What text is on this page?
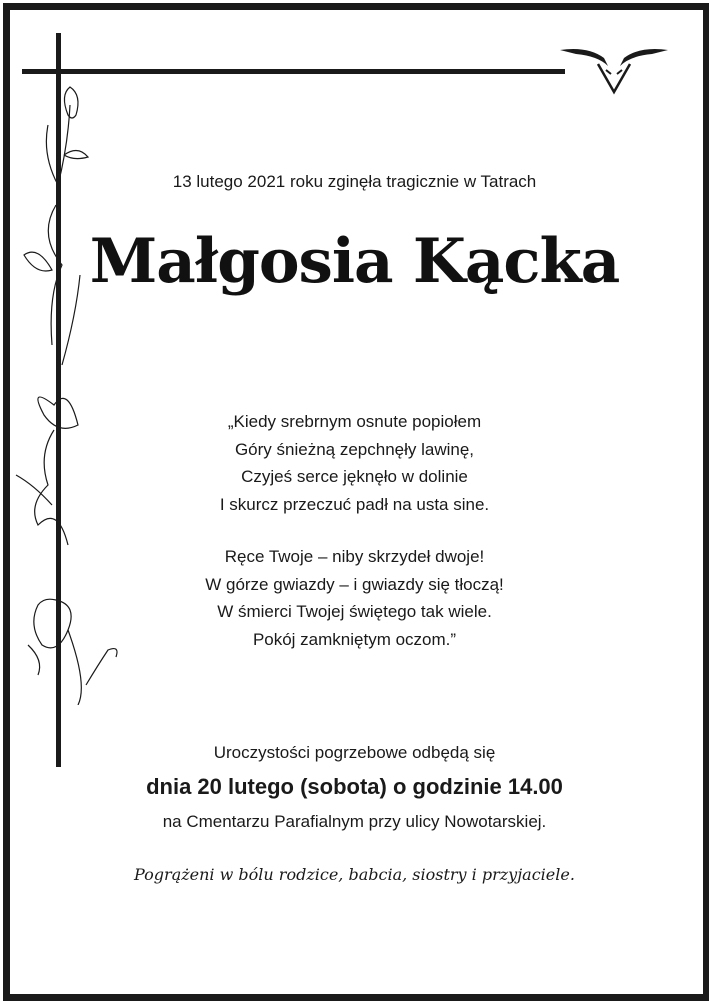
13 lutego 2021 roku zginęła tragicznie w Tatrach
Małgosia Kącka
„Kiedy srebrnym osnute popiołem
Góry śnieżną zepchnęły lawinę,
Czyjeś serce jęknęło w dolinie
I skurcz przeczuć padł na usta sine.
Ręce Twoje – niby skrzydeł dwoje!
W górze gwiazdy – i gwiazdy się tłoczą!
W śmierci Twojej świętego tak wiele.
Pokój zamkniętym oczom.”
Uroczystości pogrzebowe odbędą się
dnia 20 lutego (sobota) o godzinie 14.00
na Cmentarzu Parafialnym przy ulicy Nowotarskiej.
Pogrążeni w bólu rodzice, babcia, siostry i przyjaciele.
